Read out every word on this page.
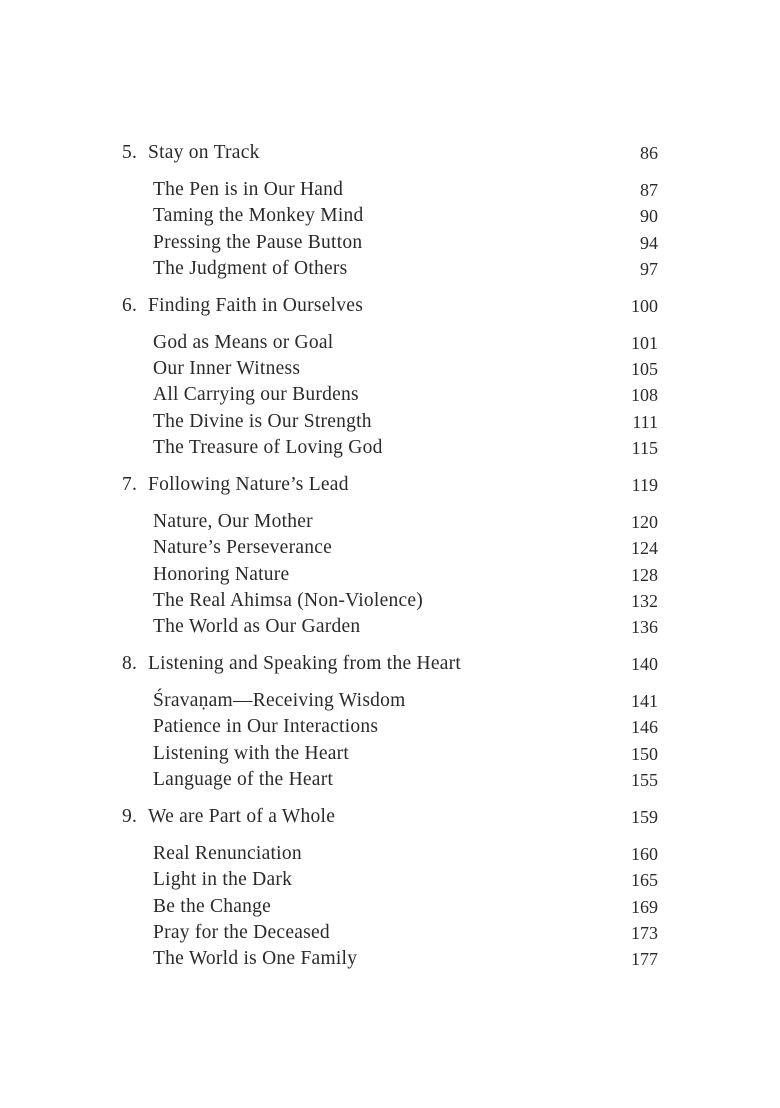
5. Stay on Track	86
The Pen is in Our Hand	87
Taming the Monkey Mind	90
Pressing the Pause Button	94
The Judgment of Others	97
6. Finding Faith in Ourselves	100
God as Means or Goal	101
Our Inner Witness	105
All Carrying our Burdens	108
The Divine is Our Strength	111
The Treasure of Loving God	115
7. Following Nature’s Lead	119
Nature, Our Mother	120
Nature’s Perseverance	124
Honoring Nature	128
The Real Ahimsa (Non-Violence)	132
The World as Our Garden	136
8. Listening and Speaking from the Heart	140
Śravaṇam—Receiving Wisdom	141
Patience in Our Interactions	146
Listening with the Heart	150
Language of the Heart	155
9. We are Part of a Whole	159
Real Renunciation	160
Light in the Dark	165
Be the Change	169
Pray for the Deceased	173
The World is One Family	177
